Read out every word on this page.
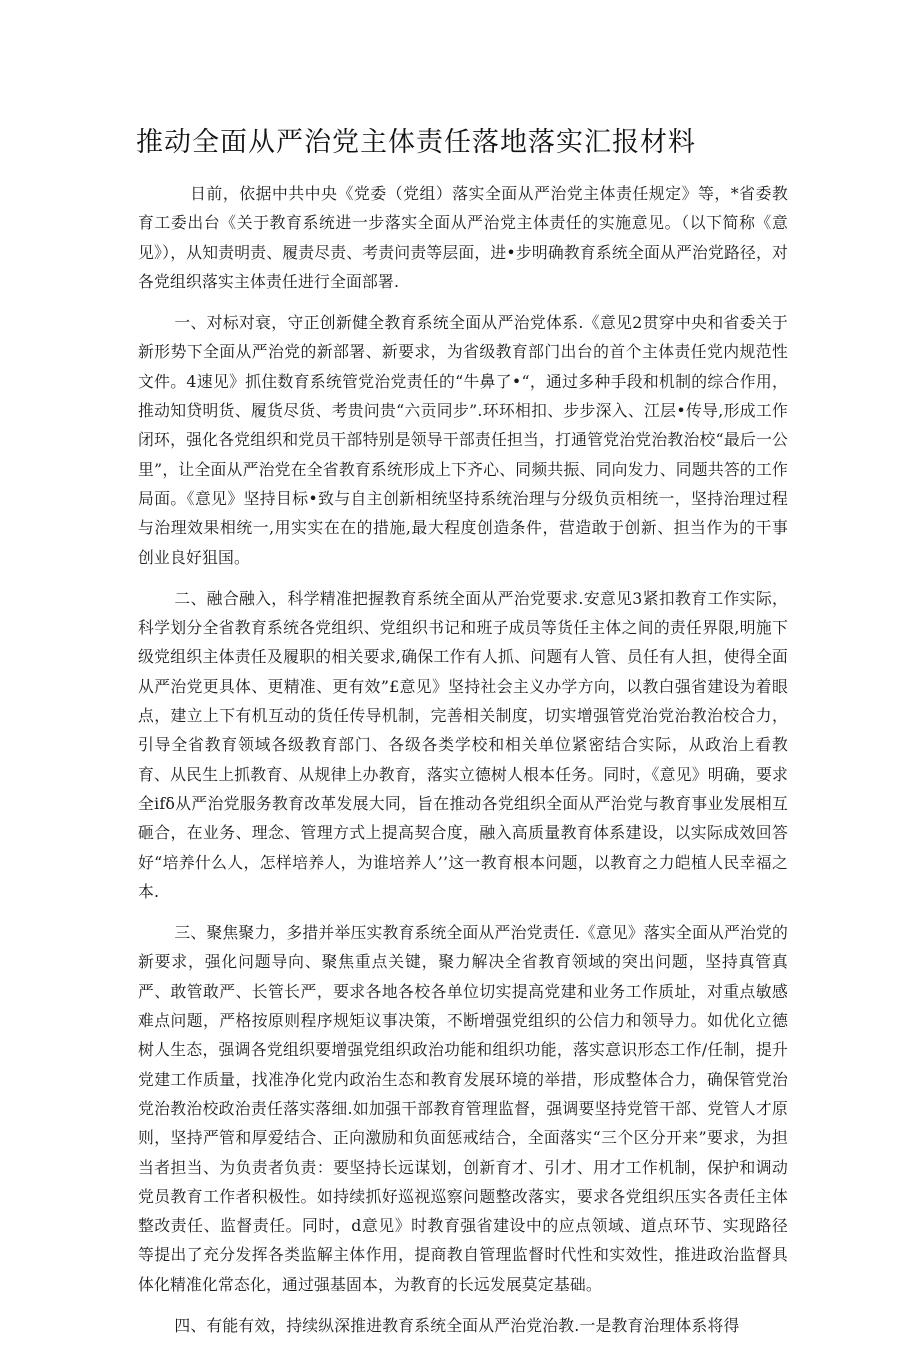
推动全面从严治党主体责任落地落实汇报材料

日前，依据中共中央《党委（党组）落实全面从严治党主体责任规定》等，*省委教育工委出台《关于教育系统进一步落实全面从严治党主体责任的实施意见。（以下简称《意见》），从知责明责、履责尽责、考责问责等层面，进•步明确教育系统全面从严治党路径，对各党组织落实主体责任进行全面部署.

一、对标对衰，守正创新健全教育系统全面从严治党体系.《意见2贯穿中央和省委关于新形势下全面从严治党的新部署、新要求，为省级教育部门出台的首个主体责任党内规范性文件。4速见》抓住数育系统管党治党责任的“牛鼻了•“，通过多种手段和机制的综合作用，推动知贷明货、履货尽货、考贵问贵“六贡同步”.环环相扣、步步深入、江层•传导,形成工作闭环，强化各党组织和党员干部特别是领导干部责任担当，打通管党治党治教治校“最后一公里”，让全面从严治党在全省教育系统形成上下齐心、同频共振、同向发力、同题共答的工作局面。《意见》坚持目标•致与自主创新相统坚持系统治理与分级负贡相统一，坚持治理过程与治理效果相统一,用实实在在的措施,最大程度创造条件，营造敢于创新、担当作为的干事创业良好狙国。

二、融合融入，科学精准把握教育系统全面从严治党要求.安意见3紧扣教育工作实际，科学划分全省教育系统各党组织、党组织书记和班子成员等货任主体之间的责任界限,明施下级党组织主体责任及履职的相关要求,确保工作有人抓、问题有人管、员任有人担，使得全面从严治党更具体、更精准、更有效”£意见》坚持社会主义办学方向，以教白强省建设为着眼点，建立上下有机互动的货任传导机制，完善相关制度，切实增强管党治党治教治校合力，引导全省教育领域各级教育部门、各级各类学校和相关单位紧密结合实际，从政治上看教育、从民生上抓教育、从规律上办教育，落实立德树人根本任务。同时，《意见》明确，要求全ifδ从严治党服务教育改革发展大同，旨在推动各党组织全面从严治党与教育事业发展相互砸合，在业务、理念、管理方式上提高契合度，融入高质量教育体系建设，以实际成效回答好“培养什么人，怎样培养人，为谁培养人’’这一教育根本问题，以教育之力皑植人民幸福之本.

三、聚焦聚力，多措并举压实教育系统全面从严治党责任.《意见》落实全面从严治党的新要求，强化问题导向、聚焦重点关键，聚力解决全省教育领域的突出问题，坚持真管真严、敢管敢严、长管长严，要求各地各校各单位切实提高党建和业务工作质址，对重点敏感难点问题，严格按原则程序规矩议事决策，不断增强党组织的公信力和领导力。如优化立德树人生态，强调各党组织要增强党组织政治功能和组织功能，落实意识形态工作/任制，提升党建工作质量，找准净化党内政治生态和教育发展环境的举措，形成整体合力，确保管党治党治教治校政治责任落实落细.如加强干部教育管理监督，强调要坚持党管干部、党管人才原则，坚持严管和厚爱结合、正向激励和负面惩戒结合，全面落实“三个区分开来”要求，为担当者担当、为负责者负责：要坚持长远谋划，创新育才、引才、用才工作机制，保护和调动党员教育工作者积极性。如持续抓好巡视巡察问题整改落实，要求各党组织压实各责任主体整改责任、监督责任。同时，d意见》时教育强省建设中的应点领域、道点环节、实现路径等提出了充分发挥各类监解主体作用，提商教自管理监督时代性和实效性，推进政治监督具体化精准化常态化，通过强基固本，为教育的长远发展莫定基础。

四、有能有效，持续纵深推进教育系统全面从严治党治教.一是教育治理体系将得
